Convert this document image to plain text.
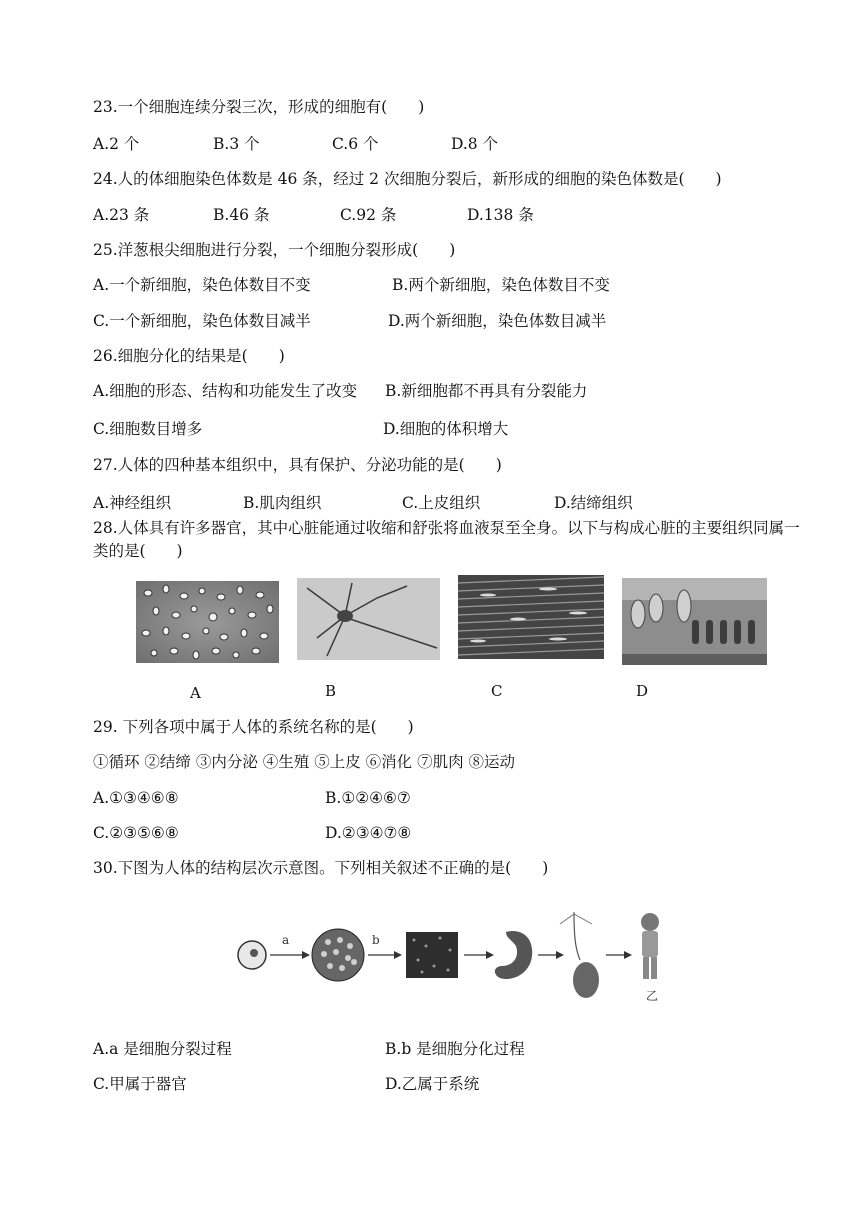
23.一个细胞连续分裂三次，形成的细胞有(　　)
A.2 个	B.3 个	C.6 个	D.8 个
24.人的体细胞染色体数是 46 条，经过 2 次细胞分裂后，新形成的细胞的染色体数是(　　)
A.23 条	B.46 条	C.92 条	D.138 条
25.洋葱根尖细胞进行分裂，一个细胞分裂形成(　　)
A.一个新细胞，染色体数目不变	B.两个新细胞，染色体数目不变
C.一个新细胞，染色体数目减半	D.两个新细胞，染色体数目减半
26.细胞分化的结果是(　　)
A.细胞的形态、结构和功能发生了改变 B.新细胞都不再具有分裂能力
C.细胞数目增多	D.细胞的体积增大
27.人体的四种基本组织中，具有保护、分泌功能的是(　　)
A.神经组织	B.肌肉组织	C.上皮组织	D.结缔组织
28.人体具有许多器官，其中心脏能通过收缩和舒张将血液泵至全身。以下与构成心脏的主要组织同属一类的是(　　)
A	B	C	D
29. 下列各项中属于人体的系统名称的是(　　)
①循环 ②结缔 ③内分泌 ④生殖 ⑤上皮 ⑥消化 ⑦肌肉 ⑧运动
A.①③④⑥⑧	B.①②④⑥⑦
C.②③⑤⑥⑧	D.②③④⑦⑧
30.下图为人体的结构层次示意图。下列相关叙述不正确的是(　　)
a	b
乙
A.a 是细胞分裂过程	B.b 是细胞分化过程
C.甲属于器官	D.乙属于系统
